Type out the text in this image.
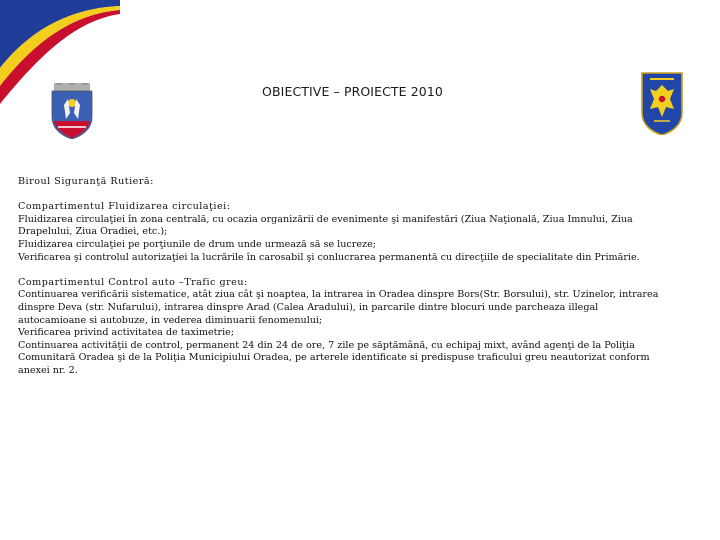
OBIECTIVE – PROIECTE 2010

Biroul Siguranţă Rutieră:

Compartimentul Fluidizarea circulaţiei:

Fluidizarea circulaţiei în zona centrală, cu ocazia organizării de evenimente şi manifestări (Ziua Naţională, Ziua Imnului, Ziua

Drapelului, Ziua Oradiei, etc.);

Fluidizarea circulaţiei pe porţiunile de drum unde urmează să se lucreze;

Verificarea şi controlul autorizaţiei la lucrările în carosabil şi conlucrarea permanentă cu direcţiile de specialitate din Primărie.

Compartimentul Control auto –Trafic greu:

Continuarea verificării sistematice, atât ziua cât şi noaptea, la intrarea in Oradea dinspre Bors(Str. Borsului), str. Uzinelor, intrarea

dinspre Deva (str. Nufarului), intrarea dinspre Arad (Calea Aradului), in parcarile dintre blocuri unde parcheaza illegal

autocamioane si autobuze, in vederea diminuarii fenomenului;

Verificarea privind activitatea de taximetrie;

Continuarea activităţii de control, permanent 24 din 24 de ore, 7 zile pe săptămână, cu echipaj mixt, având agenţi de la Poliţia

Comunitară Oradea şi de la Poliţia Municipiului Oradea, pe arterele identificate si predispuse traficului greu neautorizat conform

anexei nr. 2.
